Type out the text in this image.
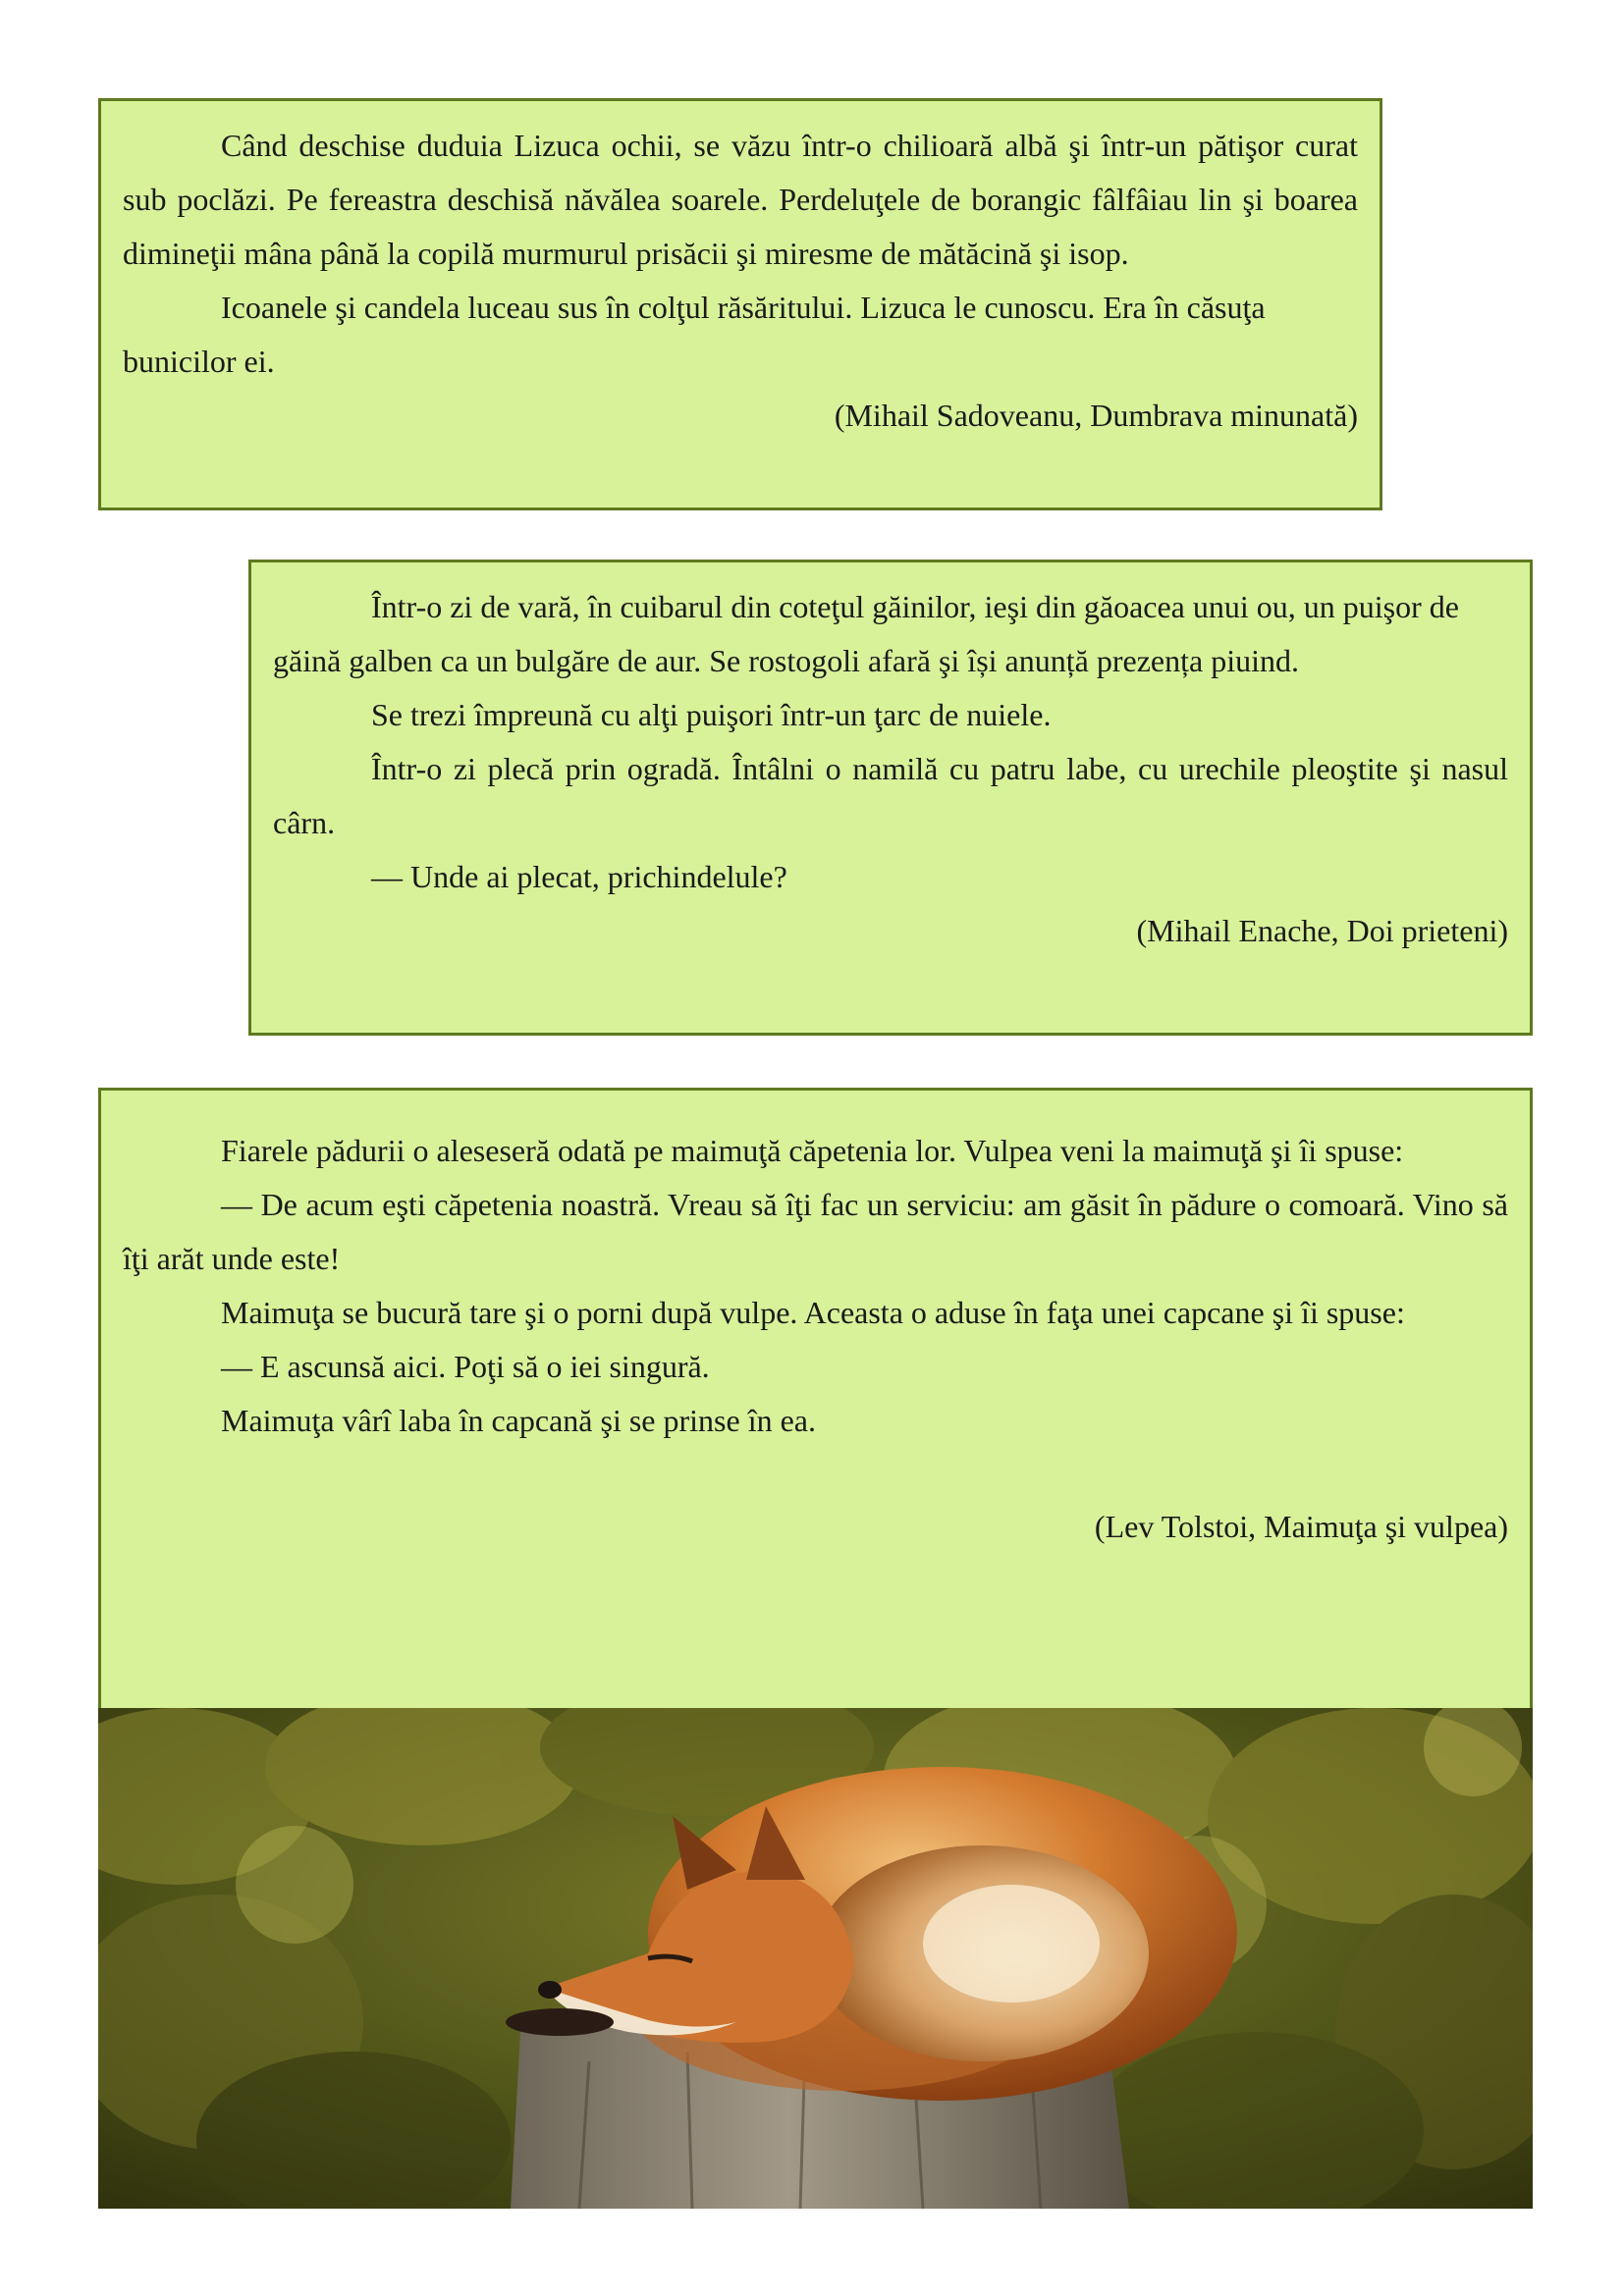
Când deschise duduia Lizuca ochii, se văzu într-o chilioară albă şi într-un pătişor curat sub poclăzi. Pe fereastra deschisă năvălea soarele. Perdeluţele de borangic fâlfâiau lin şi boarea dimineţii mâna până la copilă murmurul prisăcii şi miresme de mătăcină şi isop.

Icoanele şi candela luceau sus în colţul răsăritului. Lizuca le cunoscu. Era în căsuţa bunicilor ei.

(Mihail Sadoveanu, Dumbrava minunată)

Într-o zi de vară, în cuibarul din coteţul găinilor, ieşi din găoacea unui ou, un puişor de găină galben ca un bulgăre de aur. Se rostogoli afară şi își anunță prezența piuind.

Se trezi împreună cu alţi puişori într-un ţarc de nuiele.

Într-o zi plecă prin ogradă. Întâlni o namilă cu patru labe, cu urechile pleoştite şi nasul cârn.

— Unde ai plecat, prichindelule?

(Mihail Enache, Doi prieteni)

Fiarele pădurii o aleseseră odată pe maimuţă căpetenia lor. Vulpea veni la maimuţă şi îi spuse:

— De acum eşti căpetenia noastră. Vreau să îţi fac un serviciu: am găsit în pădure o comoară. Vino să îţi arăt unde este!

Maimuţa se bucură tare şi o porni după vulpe. Aceasta o aduse în faţa unei capcane şi îi spuse:

— E ascunsă aici. Poţi să o iei singură.

Maimuţa vârî laba în capcană şi se prinse în ea.

(Lev Tolstoi, Maimuţa şi vulpea)
